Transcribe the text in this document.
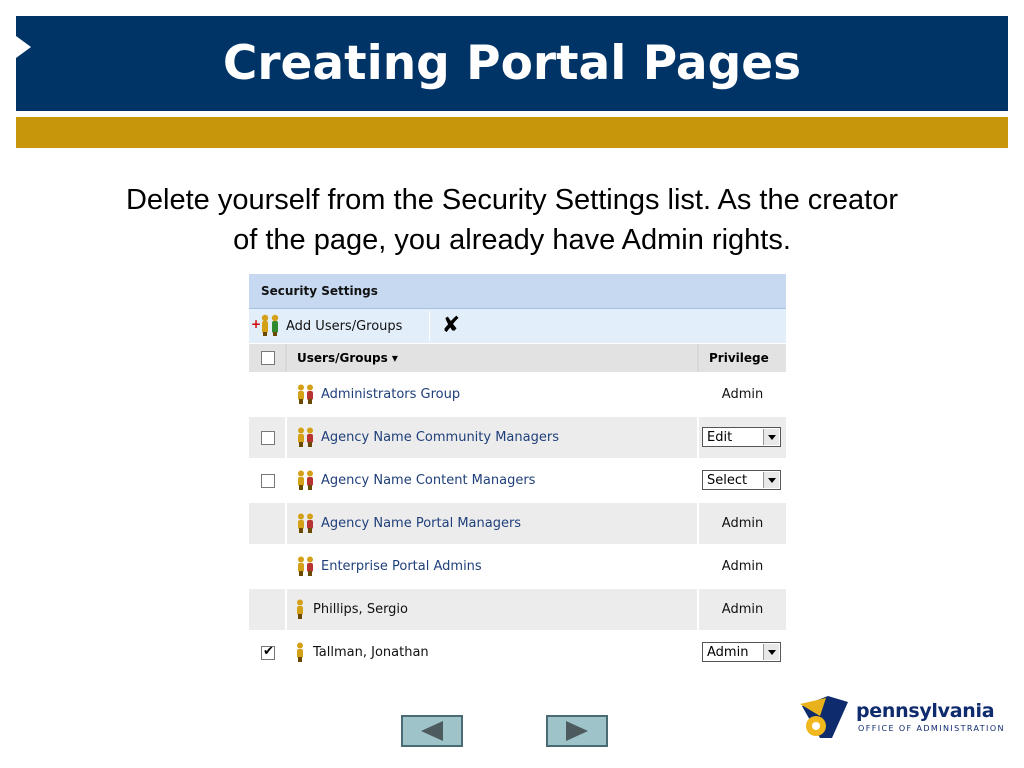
Creating Portal Pages
Delete yourself from the Security Settings list. As the creator
of the page, you already have Admin rights.
Security Settings
+ Add Users/Groups ✘
Users/Groups ▾	Privilege
Administrators Group	Admin
Agency Name Community Managers	Edit
Agency Name Content Managers	Select
Agency Name Portal Managers	Admin
Enterprise Portal Admins	Admin
Phillips, Sergio	Admin
✔	Tallman, Jonathan	Admin
pennsylvania
OFFICE OF ADMINISTRATION
